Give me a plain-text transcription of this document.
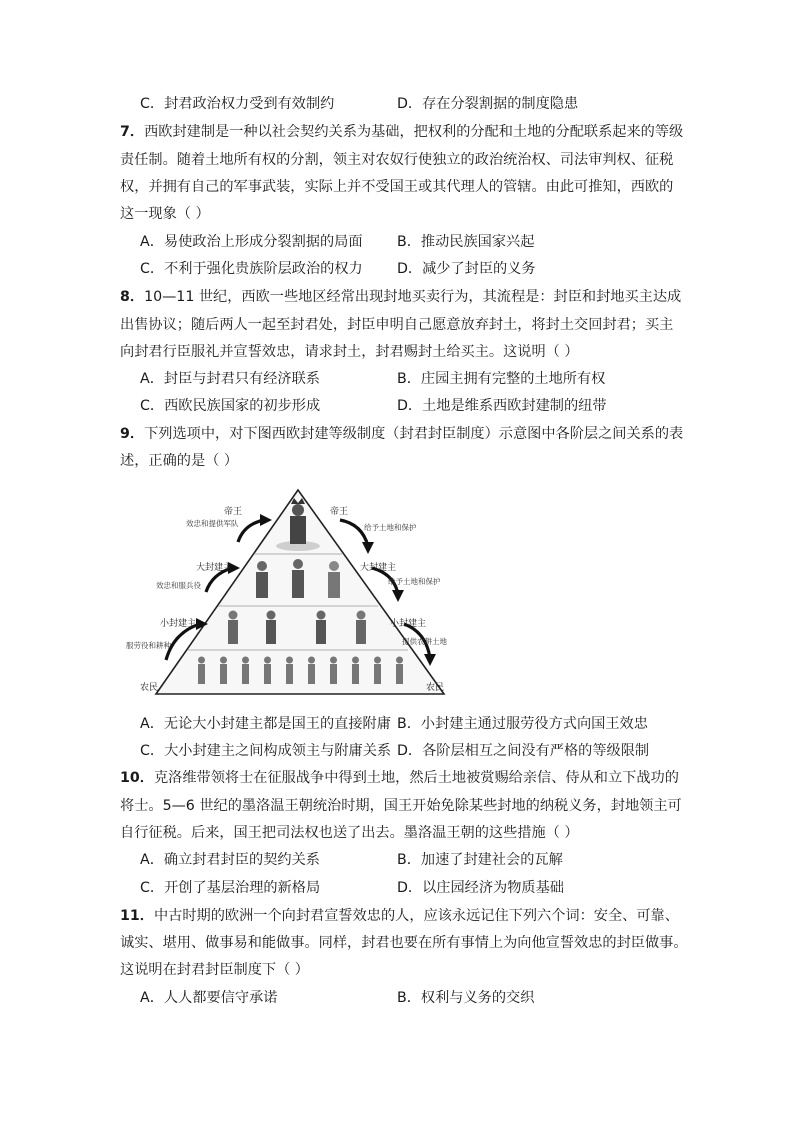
C．封君政治权力受到有效制约	D．存在分裂割据的制度隐患
7．西欧封建制是一种以社会契约关系为基础，把权利的分配和土地的分配联系起来的等级
责任制。随着土地所有权的分割，领主对农奴行使独立的政治统治权、司法审判权、征税
权，并拥有自己的军事武装，实际上并不受国王或其代理人的管辖。由此可推知，西欧的
这一现象（ ）
A．易使政治上形成分裂割据的局面 B．推动民族国家兴起
C．不利于强化贵族阶层政治的权力 D．减少了封臣的义务
8．10—11 世纪，西欧一些地区经常出现封地买卖行为，其流程是：封臣和封地买主达成
出售协议；随后两人一起至封君处，封臣申明自己愿意放弃封土，将封土交回封君；买主
向封君行臣服礼并宣誓效忠，请求封土，封君赐封土给买主。这说明（ ）
A．封臣与封君只有经济联系	B．庄园主拥有完整的土地所有权
C．西欧民族国家的初步形成	D．土地是维系西欧封建制的纽带
9．下列选项中，对下图西欧封建等级制度（封君封臣制度）示意图中各阶层之间关系的表
述，正确的是（ ）
帝王
大封建主
小封建主
农民
帝王
大封建主
小封建主
农民
效忠和提供军队
效忠和服兵役
服劳役和耕种
给予土地和保护
给予土地和保护
提供农耕土地
A．无论大小封建主都是国王的直接附庸 B．小封建主通过服劳役方式向国王效忠
C．大小封建主之间构成领主与附庸关系 D．各阶层相互之间没有严格的等级限制
10．克洛维带领将士在征服战争中得到土地，然后土地被赏赐给亲信、侍从和立下战功的
将士。5—6 世纪的墨洛温王朝统治时期，国王开始免除某些封地的纳税义务，封地领主可
自行征税。后来，国王把司法权也送了出去。墨洛温王朝的这些措施（ ）
A．确立封君封臣的契约关系	B．加速了封建社会的瓦解
C．开创了基层治理的新格局	D．以庄园经济为物质基础
11．中古时期的欧洲一个向封君宣誓效忠的人，应该永远记住下列六个词：安全、可靠、
诚实、堪用、做事易和能做事。同样，封君也要在所有事情上为向他宣誓效忠的封臣做事。
这说明在封君封臣制度下（ ）
A．人人都要信守承诺	B．权利与义务的交织
